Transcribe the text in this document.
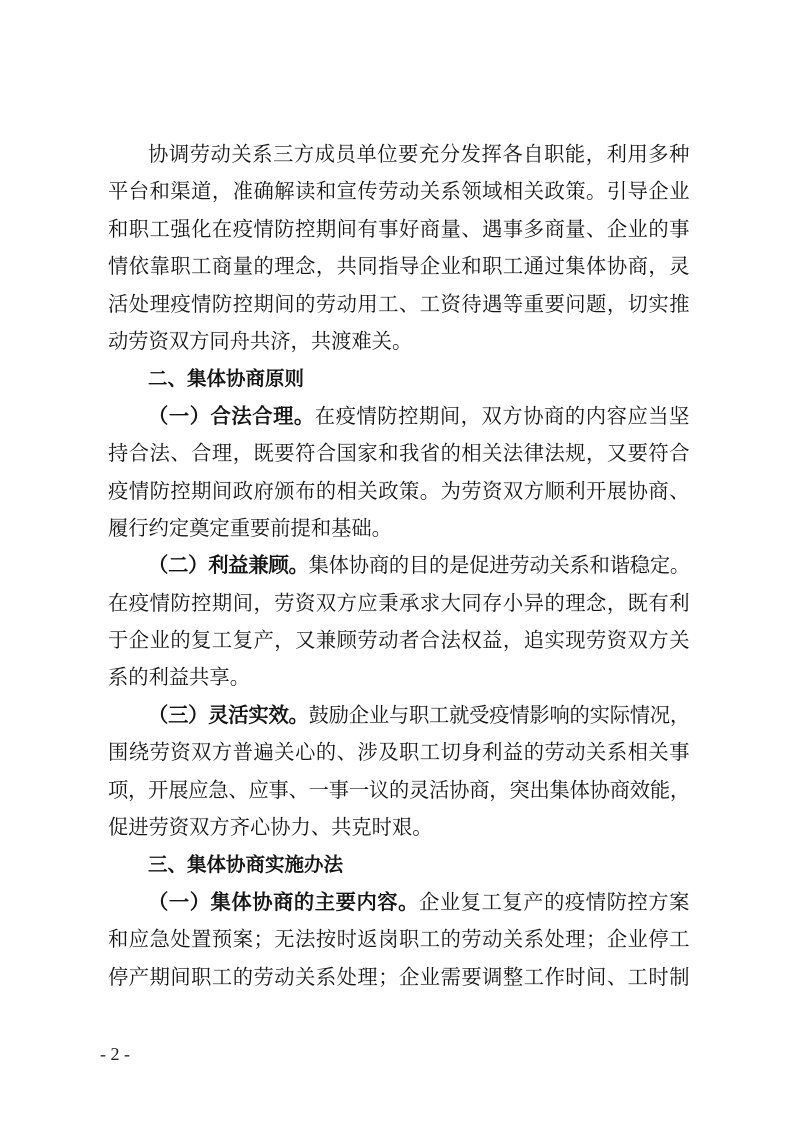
协调劳动关系三方成员单位要充分发挥各自职能，利用多种
平台和渠道，准确解读和宣传劳动关系领域相关政策。引导企业
和职工强化在疫情防控期间有事好商量、遇事多商量、企业的事
情依靠职工商量的理念，共同指导企业和职工通过集体协商，灵
活处理疫情防控期间的劳动用工、工资待遇等重要问题，切实推
动劳资双方同舟共济，共渡难关。
二、集体协商原则
（一）合法合理。在疫情防控期间，双方协商的内容应当坚
持合法、合理，既要符合国家和我省的相关法律法规，又要符合
疫情防控期间政府颁布的相关政策。为劳资双方顺利开展协商、
履行约定奠定重要前提和基础。
（二）利益兼顾。集体协商的目的是促进劳动关系和谐稳定。
在疫情防控期间，劳资双方应秉承求大同存小异的理念，既有利
于企业的复工复产，又兼顾劳动者合法权益，追实现劳资双方关
系的利益共享。
（三）灵活实效。鼓励企业与职工就受疫情影响的实际情况，
围绕劳资双方普遍关心的、涉及职工切身利益的劳动关系相关事
项，开展应急、应事、一事一议的灵活协商，突出集体协商效能，
促进劳资双方齐心协力、共克时艰。
三、集体协商实施办法
（一）集体协商的主要内容。企业复工复产的疫情防控方案
和应急处置预案；无法按时返岗职工的劳动关系处理；企业停工
停产期间职工的劳动关系处理；企业需要调整工作时间、工时制
- 2 -
